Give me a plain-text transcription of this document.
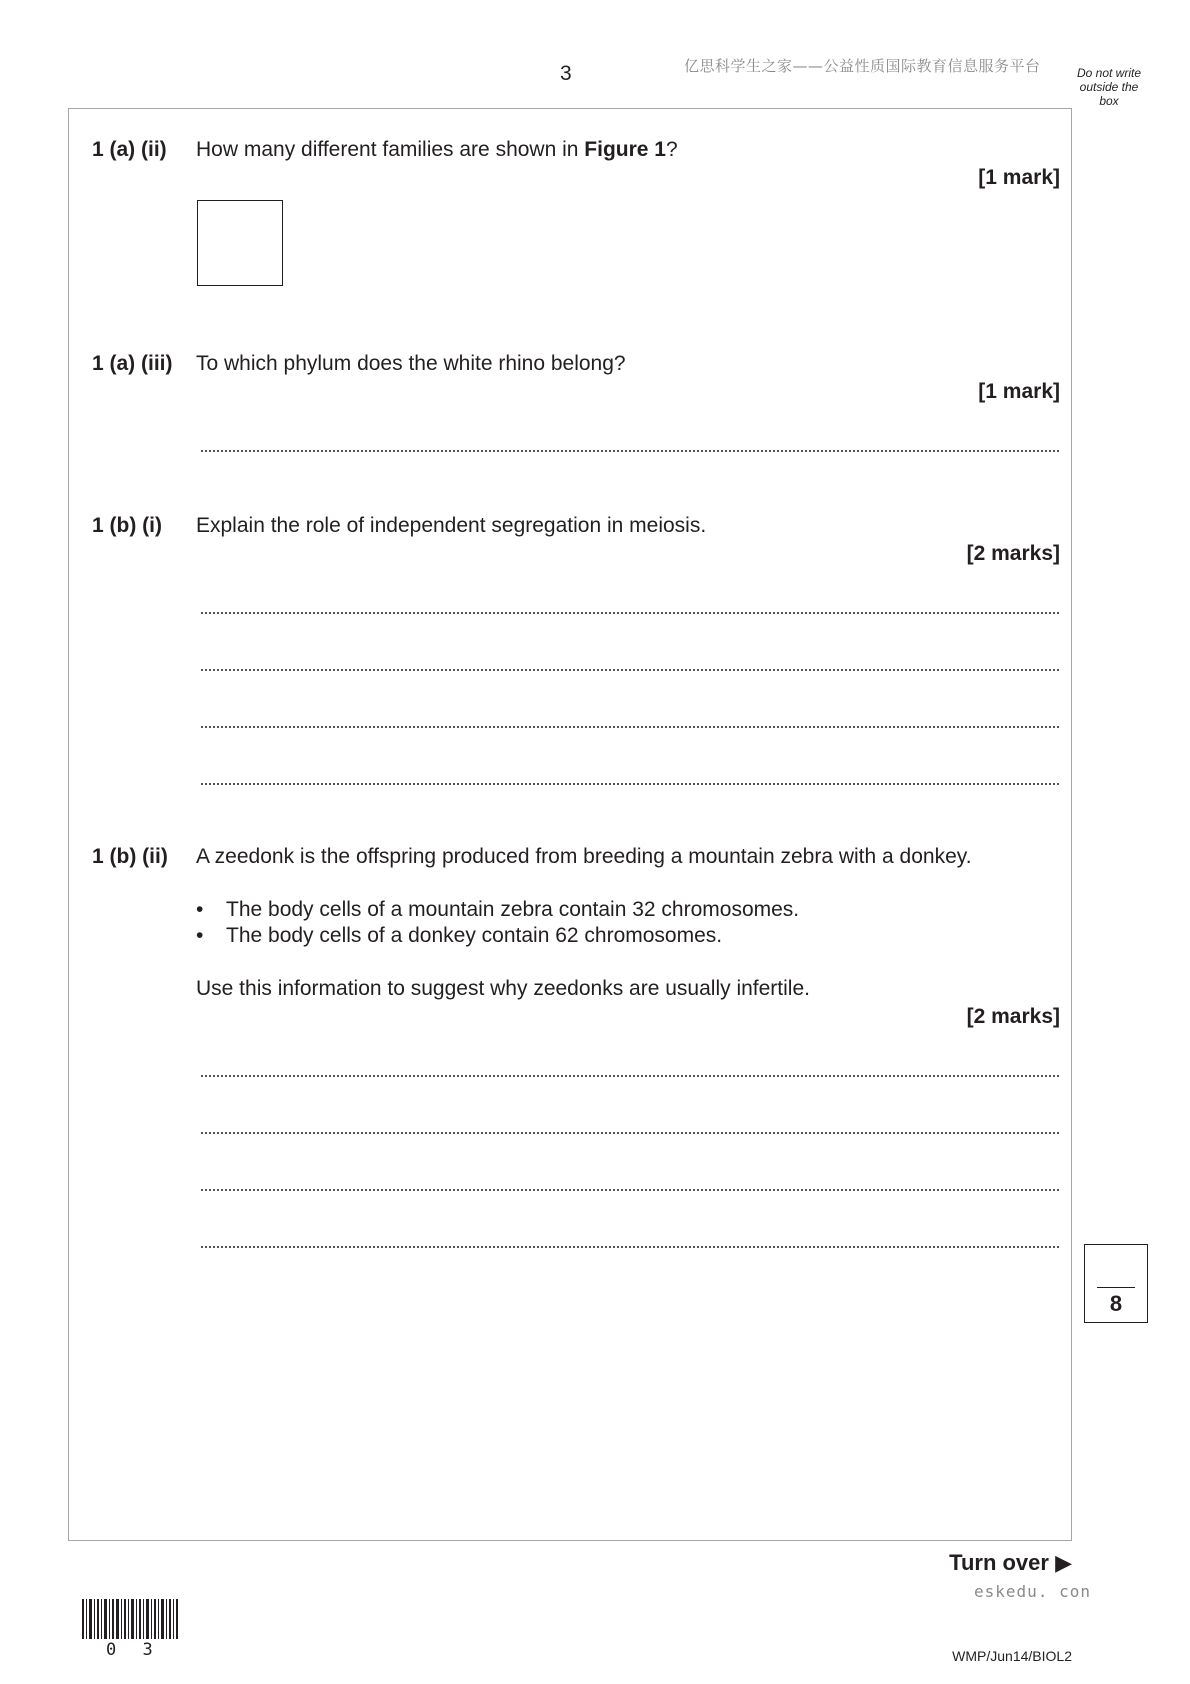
3	亿思科学生之家——公益性质国际教育信息服务平台	Do not write
outside the
box
1 (a) (ii) How many different families are shown in Figure 1?
[1 mark]
1 (a) (iii) To which phylum does the white rhino belong?
[1 mark]
1 (b) (i) Explain the role of independent segregation in meiosis.
[2 marks]
1 (b) (ii) A zeedonk is the offspring produced from breeding a mountain zebra with a donkey.
• The body cells of a mountain zebra contain 32 chromosomes.
• The body cells of a donkey contain 62 chromosomes.
Use this information to suggest why zeedonks are usually infertile.
[2 marks]
8
Turn over ▶
eskedu. con
0 3	WMP/Jun14/BIOL2
